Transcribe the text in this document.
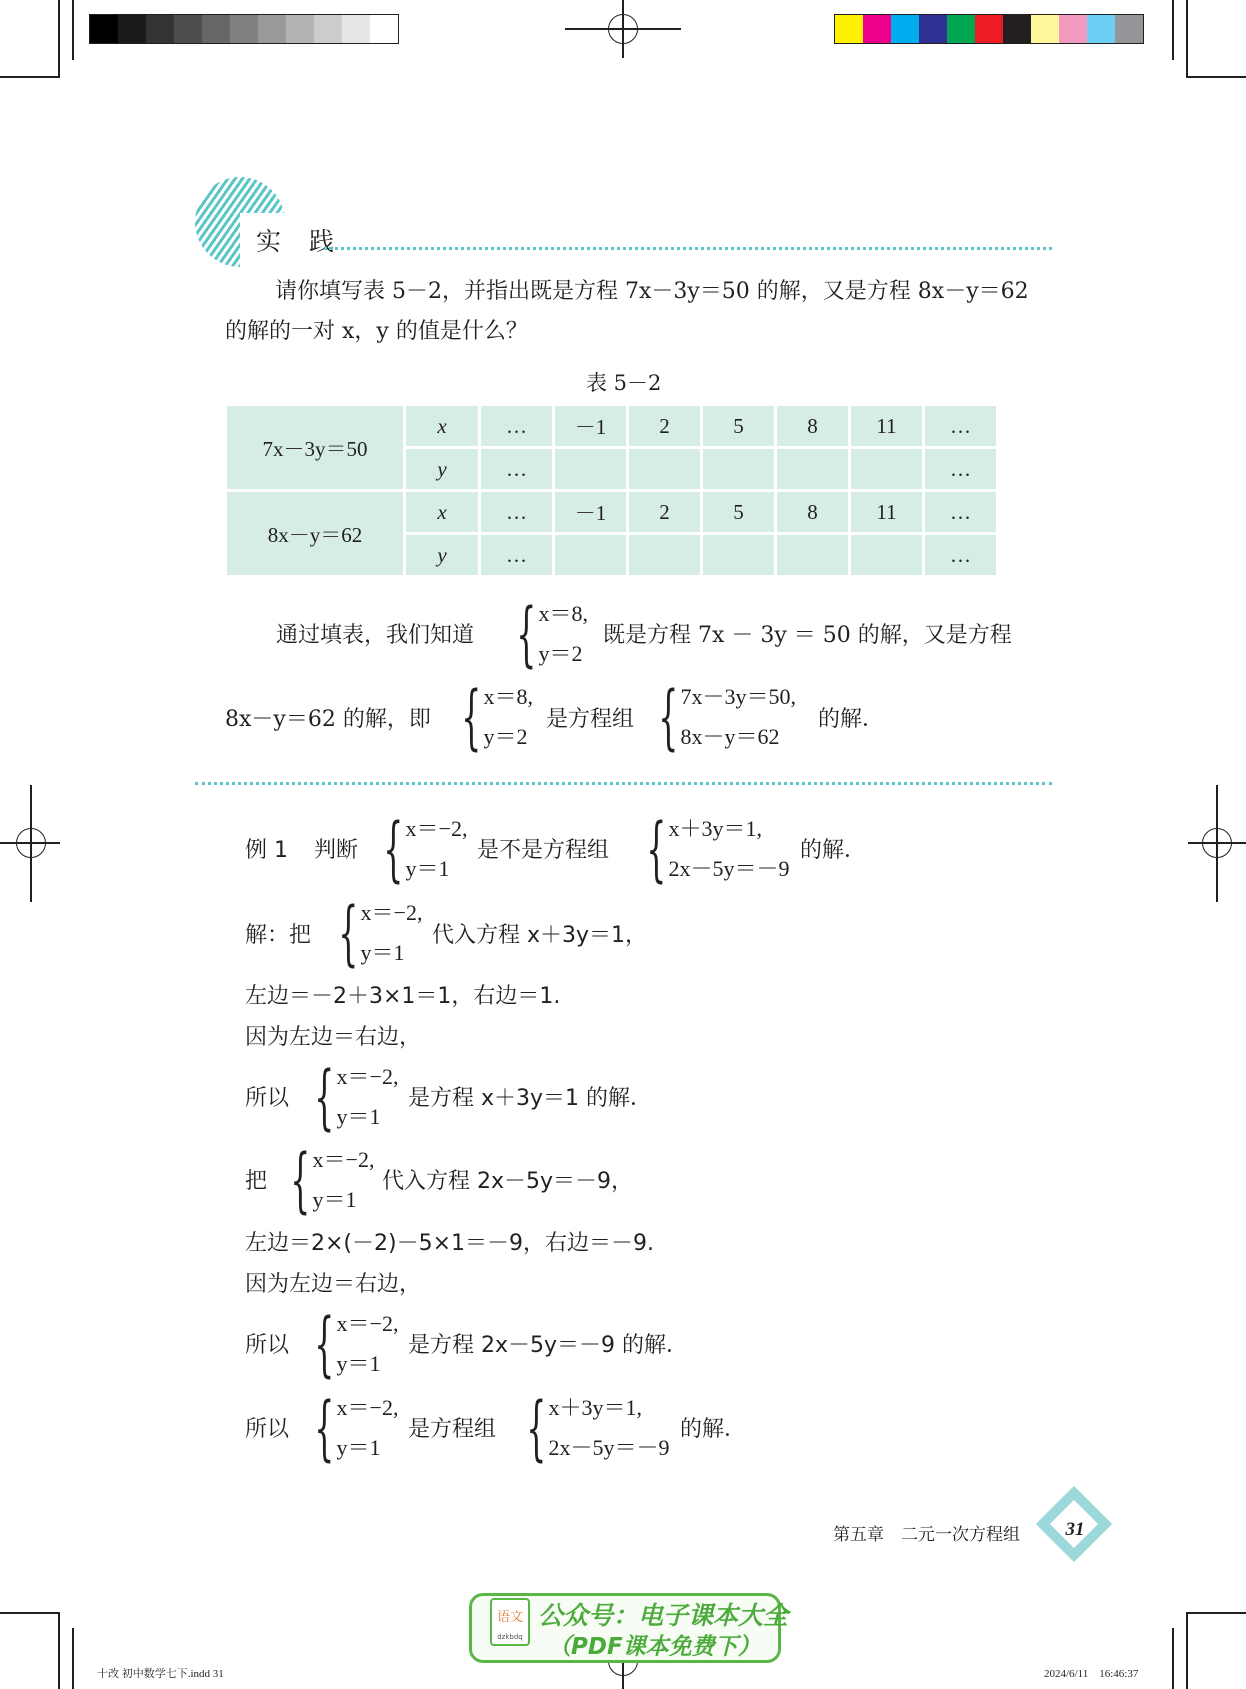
实 践
请你填写表 5－2，并指出既是方程 7x－3y＝50 的解，又是方程 8x－y＝62
的解的一对 x，y 的值是什么？
表 5－2
7x－3y＝50	x	…	－1	2	5	8	11	…
	y	…						…
8x－y＝62	x	…	－1	2	5	8	11	…
	y	…						…
通过填表，我们知道 { x＝8,
y＝2
既是方程 7x － 3y ＝ 50 的解，又是方程
8x－y＝62 的解，即 { x＝8,
y＝2
是方程组 { 7x－3y＝50,
8x－y＝62
的解．
例 1 判断 { x＝−2,
y＝1
是不是方程组 { x＋3y＝1,
2x－5y＝－9
的解．
解：把 { x＝−2,
y＝1
代入方程 x＋3y＝1，
左边＝－2＋3×1＝1，右边＝1.
因为左边＝右边，
所以 { x＝−2,
y＝1
是方程 x＋3y＝1 的解．
把 { x＝−2,
y＝1
代入方程 2x－5y＝－9，
左边＝2×(－2)－5×1＝－9，右边＝－9.
因为左边＝右边，
所以 { x＝−2,
y＝1
是方程 2x－5y＝－9 的解．
所以 { x＝−2,
y＝1
是方程组 { x＋3y＝1,
2x－5y＝－9
的解．
第五章　二元一次方程组 31
语文
dzkbdq
公众号：电子课本大全
（PDF课本免费下）
十改 初中数学七下.indd 31	2024/6/11　16:46:37
